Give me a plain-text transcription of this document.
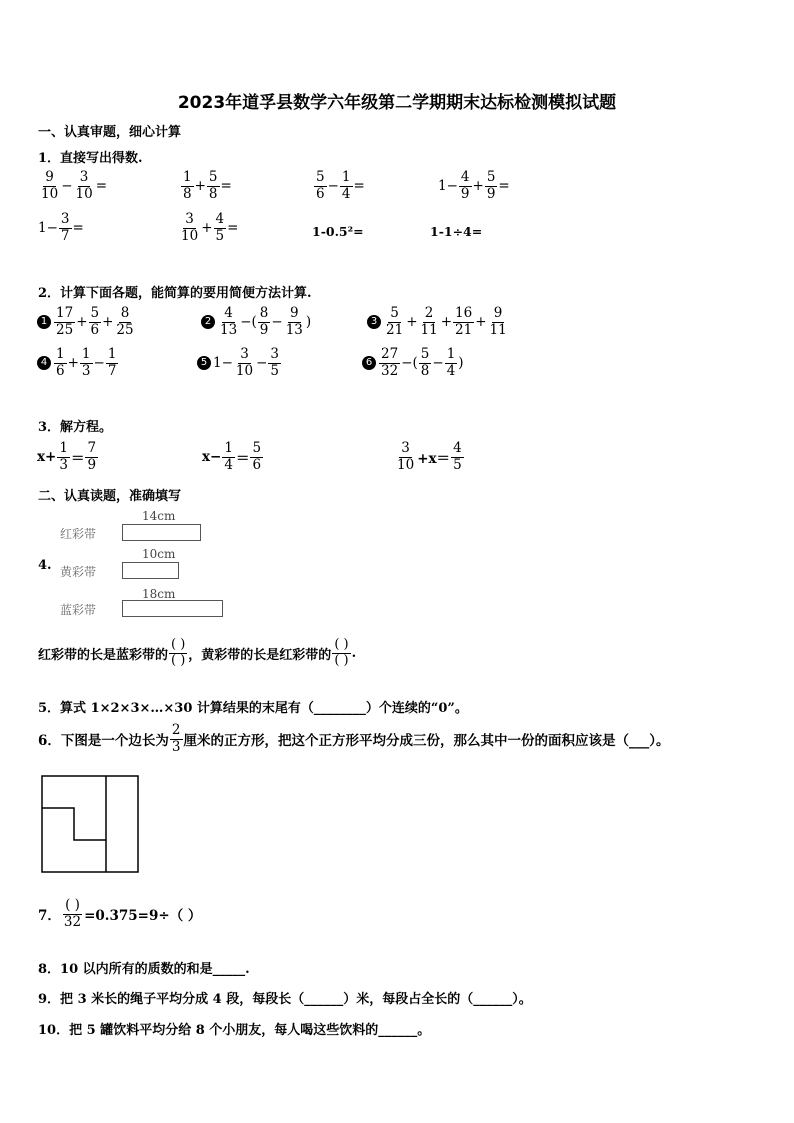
2023年道孚县数学六年级第二学期期末达标检测模拟试题
一、认真审题，细心计算
1．直接写出得数.
$\frac{9}{10} - \frac{3}{10}$ =	$\frac{1}{8} + \frac{5}{8}$ =	$\frac{5}{6} - \frac{1}{4}$ =	$1- \frac{4}{9} + \frac{5}{9}$ =
$1- \frac{3}{7}$ =	$\frac{3}{10} + \frac{4}{5}$ =	1-0.5²=	1-1÷4=
2．计算下面各题，能简算的要用简便方法计算.
$1 \frac{17}{25} + \frac{5}{6} + \frac{8}{25}$	$2 \frac{4}{13}$ −( $\frac{8}{9} - \frac{9}{13}$ )	$3 \frac{5}{21} + \frac{2}{11} + \frac{16}{21} + \frac{9}{11}$
$4 \frac{1}{6} + \frac{1}{3} - \frac{1}{7}$	5 $1- \frac{3}{10} - \frac{3}{5}$	$6 \frac{27}{32}$ −( $\frac{5}{8} - \frac{1}{4}$ )
3．解方程。
$x+ \frac{1}{3} = \frac{7}{9}$	$x- \frac{1}{4} = \frac{5}{6}$	$\frac{3}{10} +x= \frac{4}{5}$
二、认真读题，准确填写
4.
14cm
红彩带
10cm
黄彩带
18cm
蓝彩带
红彩带的长是蓝彩带的 $\frac{( )}{( )}$ ，黄彩带的长是红彩带的 $\frac{( )}{( )}$ .
5．算式 1×2×3×…×30 计算结果的末尾有（________）个连续的“0”。
6．下图是一个边长为 $\frac{2}{3}$ 厘米的正方形，把这个正方形平均分成三份，那么其中一份的面积应该是（___）。
7． $\frac{( )}{32} =0.375=9\div$（ ）
8．10 以内所有的质数的和是_____.
9．把 3 米长的绳子平均分成 4 段，每段长（______）米，每段占全长的（______）。
10．把 5 罐饮料平均分给 8 个小朋友，每人喝这些饮料的______。
